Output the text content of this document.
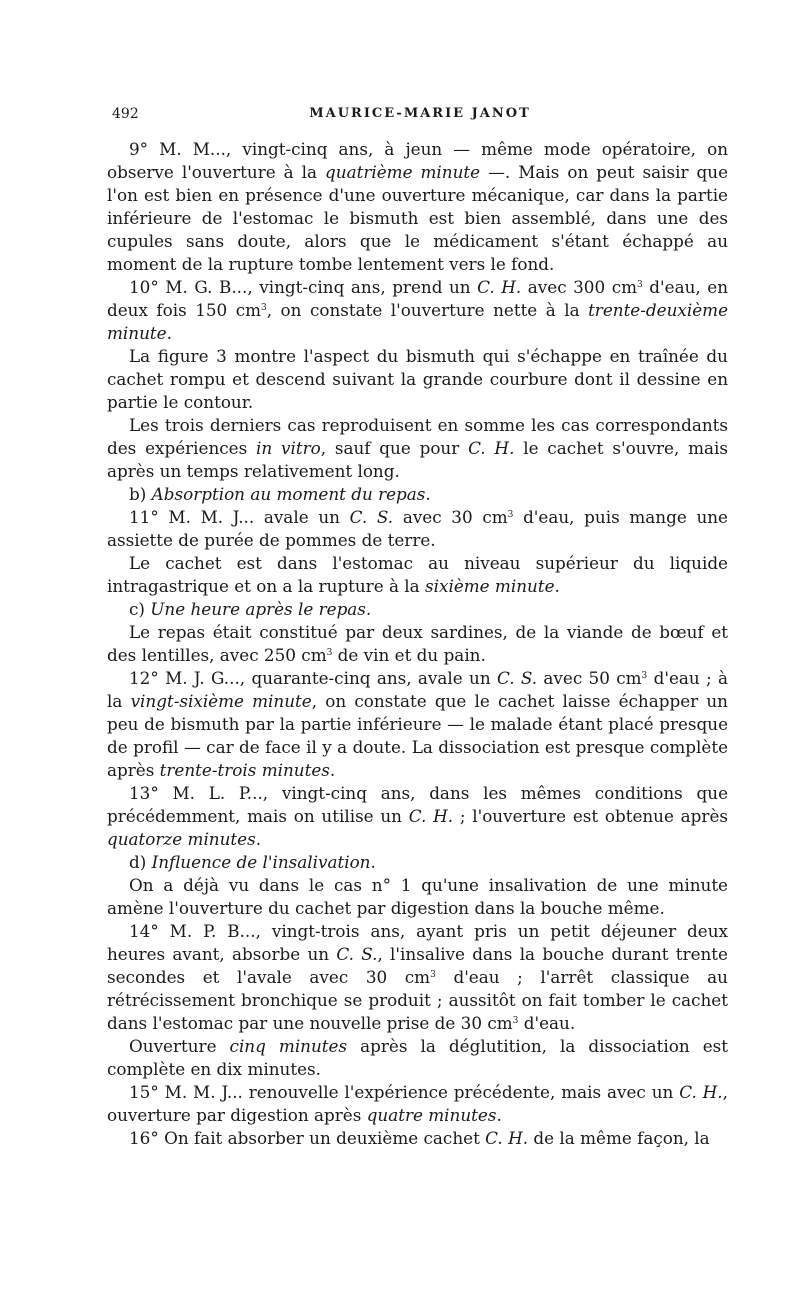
492	MAURICE-MARIE JANOT

9° M. M..., vingt-cinq ans, à jeun — même mode opératoire, on observe l'ouverture à la quatrième minute —. Mais on peut saisir que l'on est bien en présence d'une ouverture mécanique, car dans la partie inférieure de l'estomac le bismuth est bien assemblé, dans une des cupules sans doute, alors que le médicament s'étant échappé au moment de la rupture tombe lentement vers le fond.

10° M. G. B..., vingt-cinq ans, prend un C. H. avec 300 $cm^3$ d'eau, en deux fois 150 $cm^3$, on constate l'ouverture nette à la trente-deuxième minute.

La figure 3 montre l'aspect du bismuth qui s'échappe en traînée du cachet rompu et descend suivant la grande courbure dont il dessine en partie le contour.

Les trois derniers cas reproduisent en somme les cas correspondants des expériences in vitro, sauf que pour C. H. le cachet s'ouvre, mais après un temps relativement long.

b) Absorption au moment du repas.

11° M. M. J... avale un C. S. avec 30 $cm^3$ d'eau, puis mange une assiette de purée de pommes de terre.

Le cachet est dans l'estomac au niveau supérieur du liquide intragastrique et on a la rupture à la sixième minute.

c) Une heure après le repas.

Le repas était constitué par deux sardines, de la viande de bœuf et des lentilles, avec 250 $cm^3$ de vin et du pain.

12° M. J. G..., quarante-cinq ans, avale un C. S. avec 50 $cm^3$ d'eau ; à la vingt-sixième minute, on constate que le cachet laisse échapper un peu de bismuth par la partie inférieure — le malade étant placé presque de profil — car de face il y a doute. La dissociation est presque complète après trente-trois minutes.

13° M. L. P..., vingt-cinq ans, dans les mêmes conditions que précédemment, mais on utilise un C. H. ; l'ouverture est obtenue après quatorze minutes.

d) Influence de l'insalivation.

On a déjà vu dans le cas n° 1 qu'une insalivation de une minute amène l'ouverture du cachet par digestion dans la bouche même.

14° M. P. B..., vingt-trois ans, ayant pris un petit déjeuner deux heures avant, absorbe un C. S., l'insalive dans la bouche durant trente secondes et l'avale avec 30 $cm^3$ d'eau ; l'arrêt classique au rétrécissement bronchique se produit ; aussitôt on fait tomber le cachet dans l'estomac par une nouvelle prise de 30 $cm^3$ d'eau.

Ouverture cinq minutes après la déglutition, la dissociation est complète en dix minutes.

15° M. M. J... renouvelle l'expérience précédente, mais avec un C. H., ouverture par digestion après quatre minutes.

16° On fait absorber un deuxième cachet C. H. de la même façon, la
